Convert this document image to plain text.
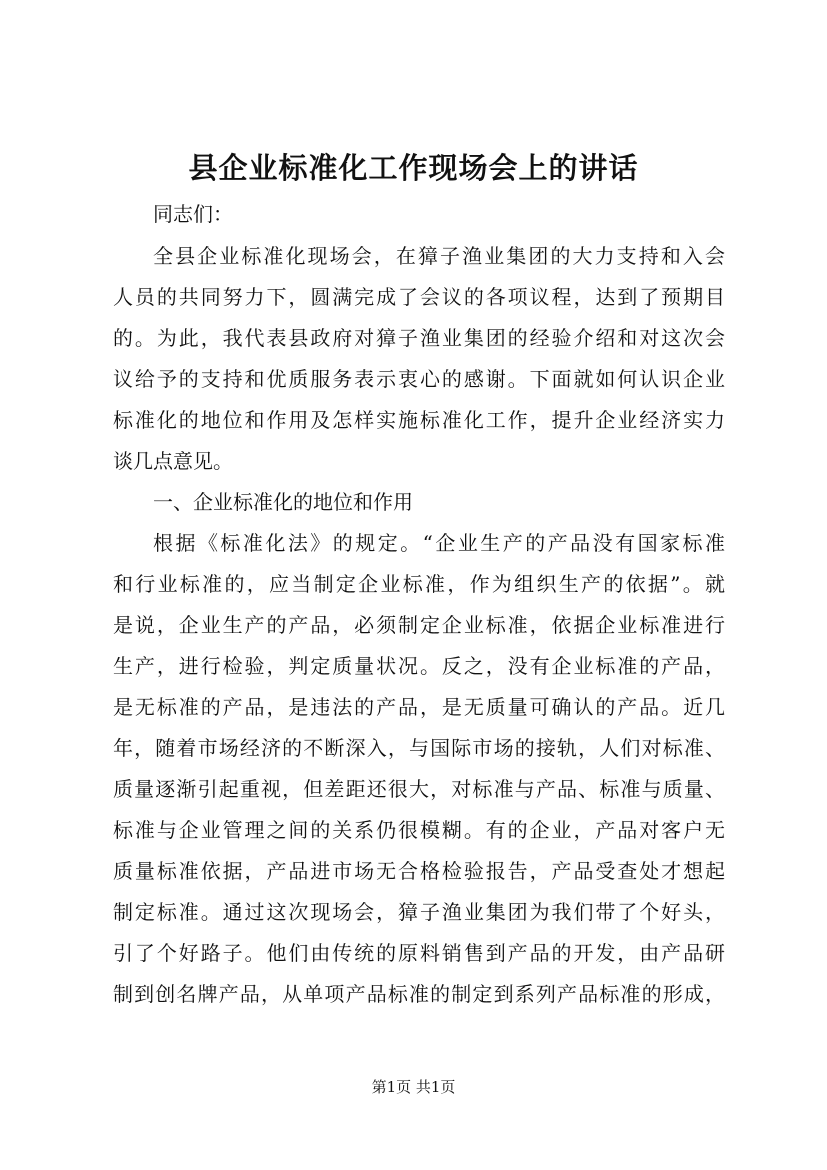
县企业标准化工作现场会上的讲话
同志们：
全县企业标准化现场会，在獐子渔业集团的大力支持和入会
人员的共同努力下，圆满完成了会议的各项议程，达到了预期目
的。为此，我代表县政府对獐子渔业集团的经验介绍和对这次会
议给予的支持和优质服务表示衷心的感谢。下面就如何认识企业
标准化的地位和作用及怎样实施标准化工作，提升企业经济实力
谈几点意见。
一、企业标准化的地位和作用
根据《标准化法》的规定。“企业生产的产品没有国家标准
和行业标准的，应当制定企业标准，作为组织生产的依据”。就
是说，企业生产的产品，必须制定企业标准，依据企业标准进行
生产，进行检验，判定质量状况。反之，没有企业标准的产品，
是无标准的产品，是违法的产品，是无质量可确认的产品。近几
年，随着市场经济的不断深入，与国际市场的接轨，人们对标准、
质量逐渐引起重视，但差距还很大，对标准与产品、标准与质量、
标准与企业管理之间的关系仍很模糊。有的企业，产品对客户无
质量标准依据，产品进市场无合格检验报告，产品受查处才想起
制定标准。通过这次现场会，獐子渔业集团为我们带了个好头，
引了个好路子。他们由传统的原料销售到产品的开发，由产品研
制到创名牌产品，从单项产品标准的制定到系列产品标准的形成，
第1页 共1页
